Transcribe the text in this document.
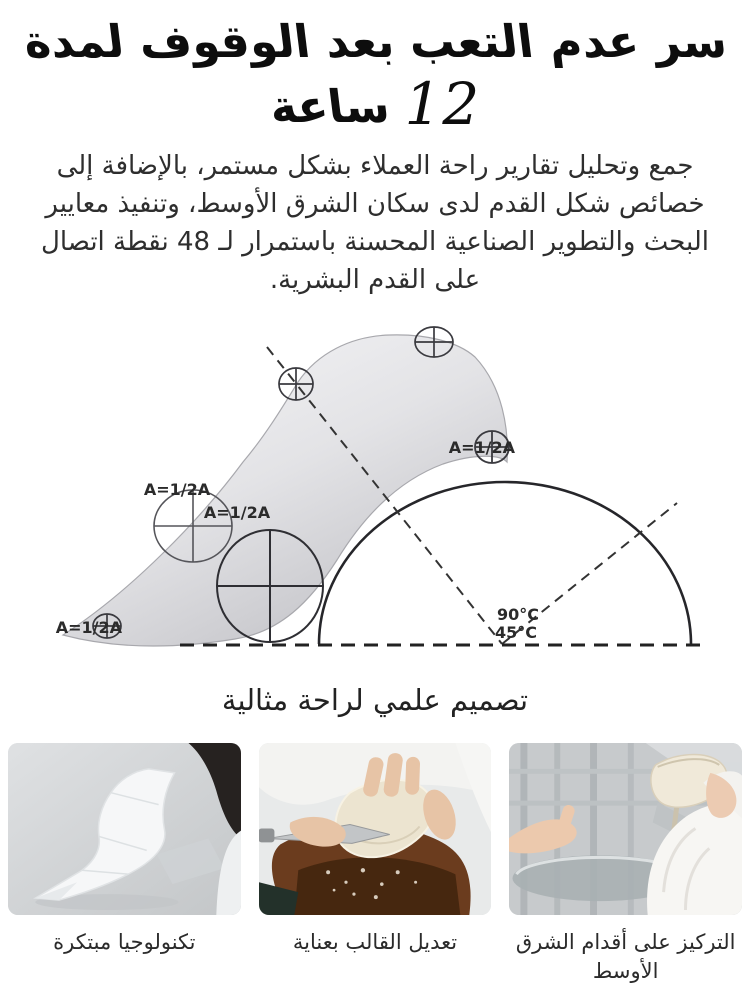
سر عدم التعب بعد الوقوف لمدة
12 ساعة

جمع وتحليل تقارير راحة العملاء بشكل مستمر، بالإضافة إلى خصائص شكل القدم لدى سكان الشرق الأوسط، وتنفيذ معايير البحث والتطوير الصناعية المحسنة باستمرار لـ 48 نقطة اتصال على القدم البشرية.

A=1/2A
A=1/2A
A=1/2A
A=1/2A
90°C
45°C
تصميم علمي لراحة مثالية
التركيز على أقدام الشرق الأوسط
تعديل القالب بعناية
تكنولوجيا مبتكرة
